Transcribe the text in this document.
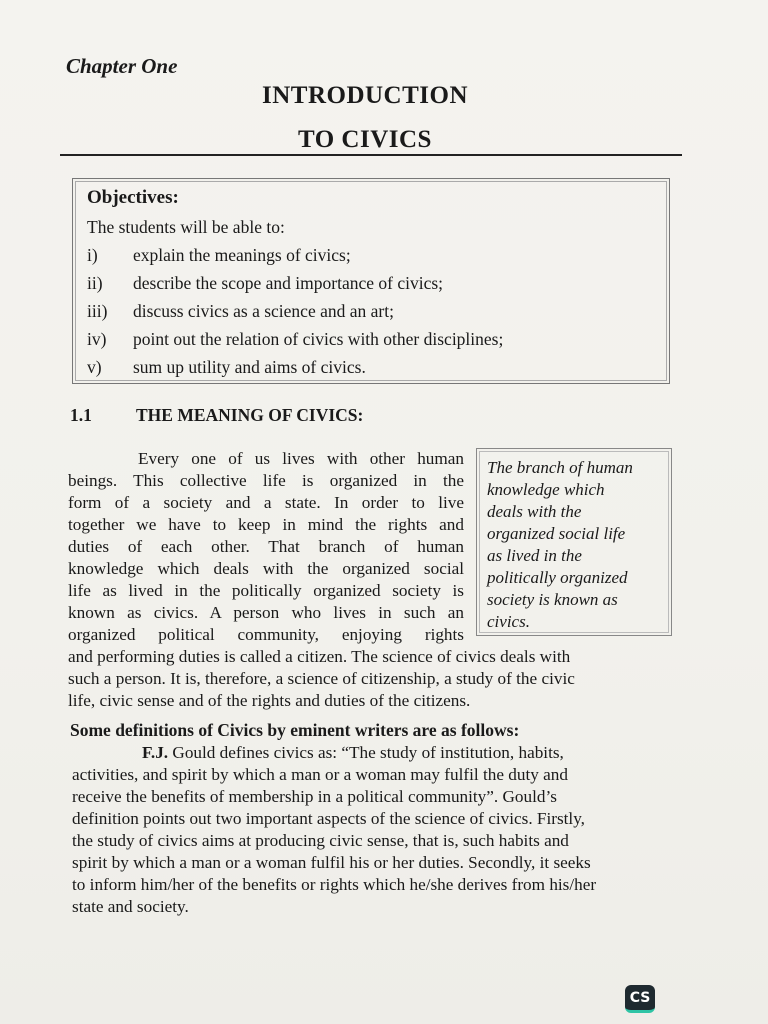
Chapter One
INTRODUCTION
TO CIVICS
Objectives:
The students will be able to:
i) explain the meanings of civics;
ii) describe the scope and importance of civics;
iii) discuss civics as a science and an art;
iv) point out the relation of civics with other disciplines;
v) sum up utility and aims of civics.
1.1	THE MEANING OF CIVICS:
Every one of us lives with other human
beings. This collective life is organized in the
form of a society and a state. In order to live
together we have to keep in mind the rights and
duties of each other. That branch of human
knowledge which deals with the organized social
life as lived in the politically organized society is
known as civics. A person who lives in such an
organized political community, enjoying rights
The branch of human
knowledge which
deals with the
organized social life
as lived in the
politically organized
society is known as
civics.
and performing duties is called a citizen. The science of civics deals with
such a person. It is, therefore, a science of citizenship, a study of the civic
life, civic sense and of the rights and duties of the citizens.
Some definitions of Civics by eminent writers are as follows:
F.J. Gould defines civics as: “The study of institution, habits,
activities, and spirit by which a man or a woman may fulfil the duty and
receive the benefits of membership in a political community”. Gould’s
definition points out two important aspects of the science of civics. Firstly,
the study of civics aims at producing civic sense, that is, such habits and
spirit by which a man or a woman fulfil his or her duties. Secondly, it seeks
to inform him/her of the benefits or rights which he/she derives from his/her
state and society.
CS
